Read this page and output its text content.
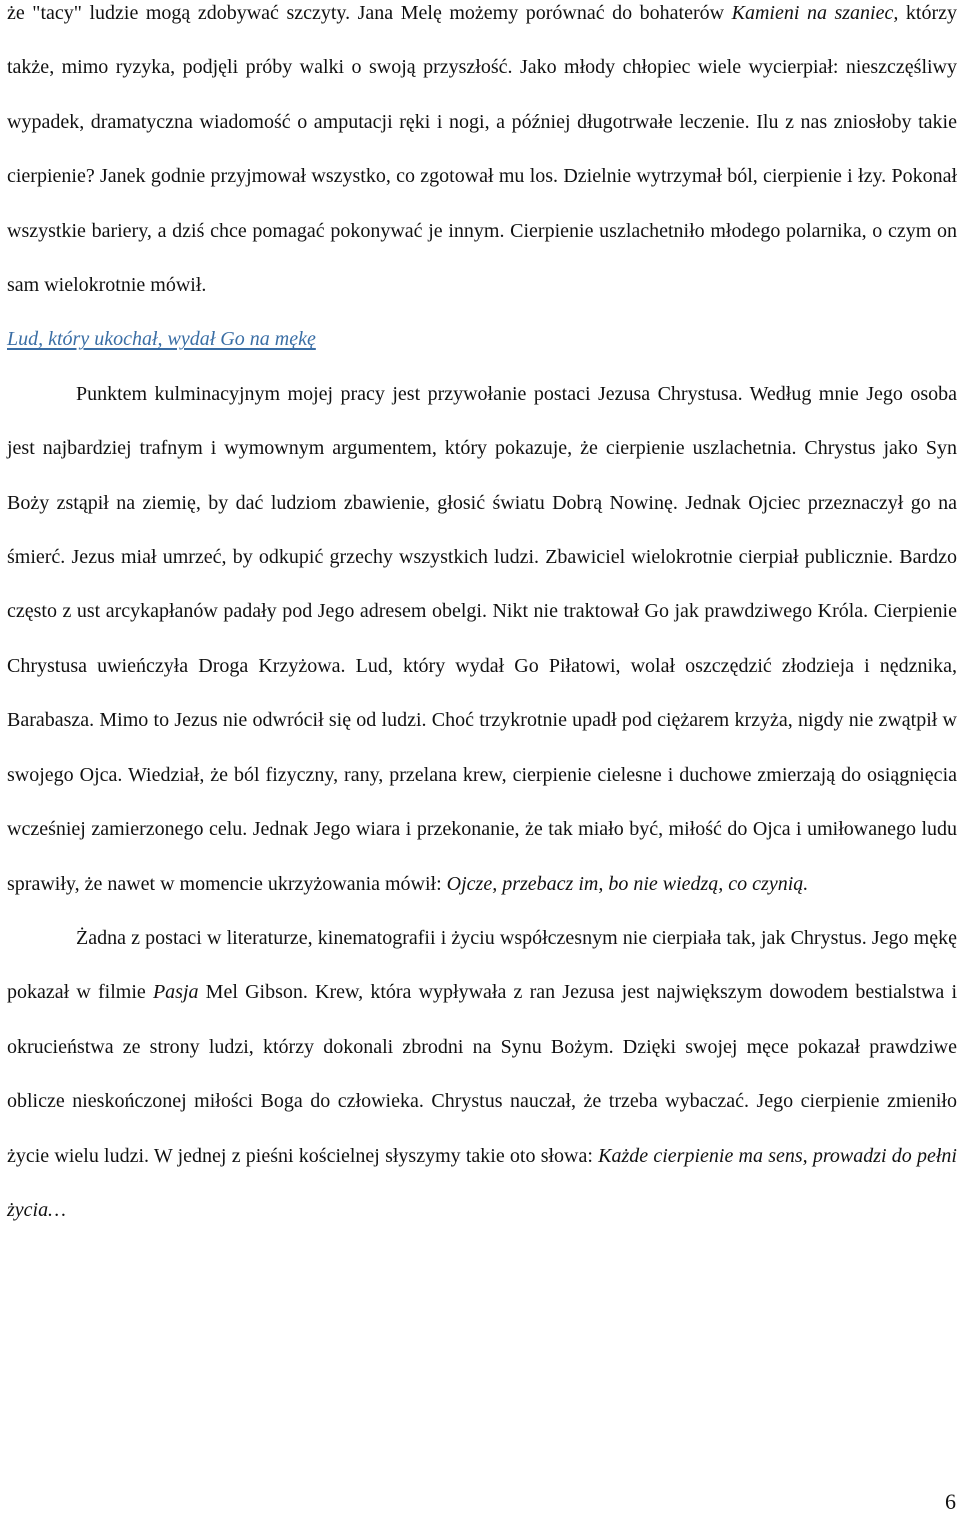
że "tacy" ludzie mogą zdobywać szczyty. Jana Melę możemy porównać do bohaterów Kamieni na szaniec, którzy także, mimo ryzyka, podjęli próby walki o swoją przyszłość. Jako młody chłopiec wiele wycierpiał: nieszczęśliwy wypadek, dramatyczna wiadomość o amputacji ręki i nogi, a później długotrwałe leczenie. Ilu z nas zniosłoby takie cierpienie? Janek godnie przyjmował wszystko, co zgotował mu los. Dzielnie wytrzymał ból, cierpienie i łzy. Pokonał wszystkie bariery, a dziś chce pomagać pokonywać je innym. Cierpienie uszlachetniło młodego polarnika, o czym on sam wielokrotnie mówił.

Lud, który ukochał, wydał Go na mękę

Punktem kulminacyjnym mojej pracy jest przywołanie postaci Jezusa Chrystusa. Według mnie Jego osoba jest najbardziej trafnym i wymownym argumentem, który pokazuje, że cierpienie uszlachetnia. Chrystus jako Syn Boży zstąpił na ziemię, by dać ludziom zbawienie, głosić światu Dobrą Nowinę. Jednak Ojciec przeznaczył go na śmierć. Jezus miał umrzeć, by odkupić grzechy wszystkich ludzi. Zbawiciel wielokrotnie cierpiał publicznie. Bardzo często z ust arcykapłanów padały pod Jego adresem obelgi. Nikt nie traktował Go jak prawdziwego Króla. Cierpienie Chrystusa uwieńczyła Droga Krzyżowa. Lud, który wydał Go Piłatowi, wolał oszczędzić złodzieja i nędznika, Barabasza. Mimo to Jezus nie odwrócił się od ludzi. Choć trzykrotnie upadł pod ciężarem krzyża, nigdy nie zwątpił w swojego Ojca. Wiedział, że ból fizyczny, rany, przelana krew, cierpienie cielesne i duchowe zmierzają do osiągnięcia wcześniej zamierzonego celu. Jednak Jego wiara i przekonanie, że tak miało być, miłość do Ojca i umiłowanego ludu sprawiły, że nawet w momencie ukrzyżowania mówił: Ojcze, przebacz im, bo nie wiedzą, co czynią.

Żadna z postaci w literaturze, kinematografii i życiu współczesnym nie cierpiała tak, jak Chrystus. Jego mękę pokazał w filmie Pasja Mel Gibson. Krew, która wypływała z ran Jezusa jest największym dowodem bestialstwa i okrucieństwa ze strony ludzi, którzy dokonali zbrodni na Synu Bożym. Dzięki swojej męce pokazał prawdziwe oblicze nieskończonej miłości Boga do człowieka. Chrystus nauczał, że trzeba wybaczać. Jego cierpienie zmieniło życie wielu ludzi. W jednej z pieśni kościelnej słyszymy takie oto słowa: Każde cierpienie ma sens, prowadzi do pełni życia…

6
